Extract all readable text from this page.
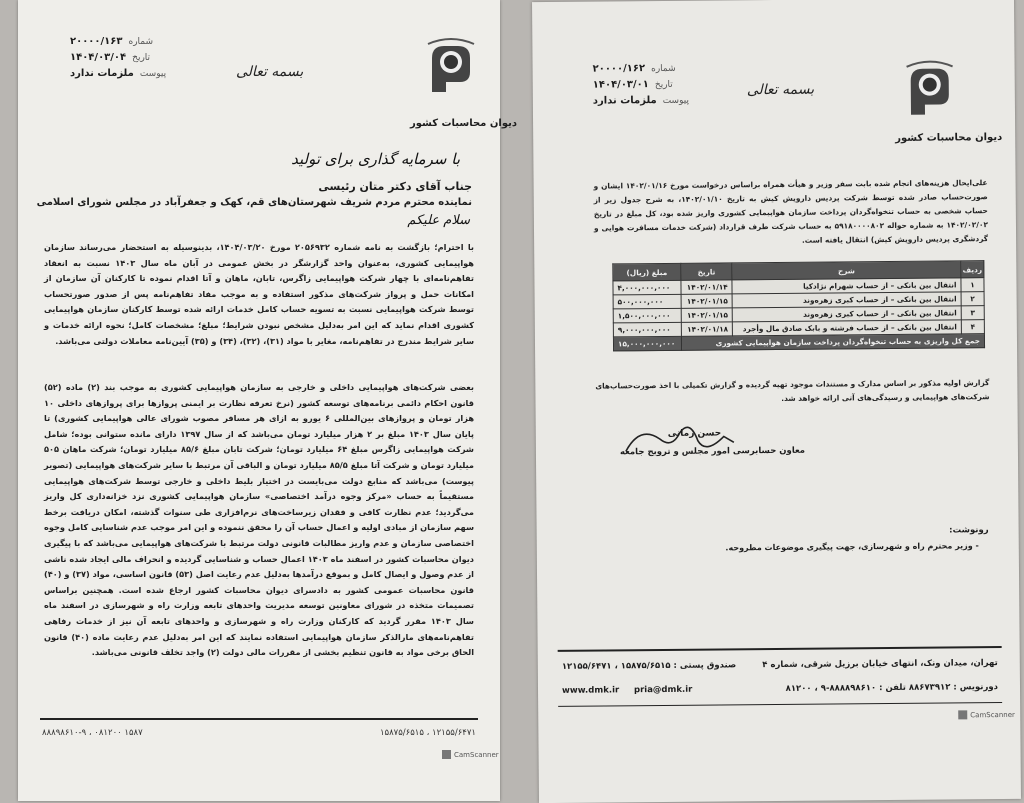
۲۰۰۰۰/۱۶۳ شماره
۱۴۰۴/۰۳/۰۴ تاریخ
ملزمات ندارد پیوست	بسمه تعالی
دیوان محاسبات کشور
با سرمایه گذاری برای تولید
جناب آقای دکتر متان رئیسی
نماینده محترم مردم شریف شهرستان‌های قم، کهک و جعفرآباد در مجلس شورای اسلامی
سلام علیکم
با احترام؛ بازگشت به نامه شماره ۲۰۵۶۹۳۲ مورخ ۱۴۰۴/۰۳/۲۰، بدینوسیله به استحضار می‌رساند سازمان هواپیمایی کشوری، به‌عنوان واحد گزارشگر در بخش عمومی در آبان ماه سال ۱۴۰۳ نسبت به انعقاد تفاهم‌نامه‌ای با چهار شرکت هواپیمایی زاگرس، تابان، ماهان و آتا اقدام نموده تا کارکنان آن سازمان از امکانات حمل و پرواز شرکت‌های مذکور استفاده و به موجب مفاد تفاهم‌نامه پس از صدور صورتحساب توسط شرکت هواپیمایی نسبت به تسویه حساب کامل خدمات ارائه شده توسط کارکنان سازمان هواپیمایی کشوری اقدام نماید که این امر به‌دلیل مشخص نبودن شرایط؛ مبلغ؛ مشخصات کامل؛ نحوه ارائه خدمات و سایر شرایط مندرج در تفاهم‌نامه، مغایر با مواد (۳۱)، (۳۲)، (۳۴) و (۳۵) آیین‌نامه معاملات دولتی می‌باشد.
بعضی شرکت‌های هواپیمایی داخلی و خارجی به سازمان هواپیمایی کشوری به موجب بند (۲) ماده (۵۲) قانون احکام دائمی برنامه‌های توسعه کشور (نرخ تعرفه نظارت بر ایمنی پروازها برای پروازهای داخلی ۱۰ هزار تومان و پروازهای بین‌المللی ۶ یورو به ازای هر مسافر مصوب شورای عالی هواپیمایی کشوری) تا پایان سال ۱۴۰۳ مبلغ بر ۲ هزار میلیارد تومان می‌باشد که از سال ۱۳۹۷ دارای مانده ستوانی بوده؛ شامل شرکت هواپیمایی زاگرس مبلغ ۶۴ میلیارد تومان؛ شرکت تابان مبلغ ۸۵/۶ میلیارد تومان؛ شرکت ماهان ۵۰۵ میلیارد تومان و شرکت آتا مبلغ ۸۵/۵ میلیارد تومان و الباقی آن مرتبط با سایر شرکت‌های هواپیمایی (تصویر پیوست) می‌باشد که منابع دولت می‌بایست در اختیار بلیط داخلی و خارجی توسط شرکت‌های هواپیمایی مستقیماً به حساب «مرکز وجوه درآمد اختصاصی» سازمان هواپیمایی کشوری نزد خزانه‌داری کل واریز می‌گردید؛ عدم نظارت کافی و فقدان زیرساخت‌های نرم‌افزاری طی سنوات گذشته، امکان دریافت برخط سهم سازمان از مبادی اولیه و اعمال حساب آن را محقق ننموده و این امر موجب عدم شناسایی کامل وجوه اختصاصی سازمان و عدم واریز مطالبات قانونی دولت مرتبط با شرکت‌های هواپیمایی می‌باشد که با پیگیری دیوان محاسبات کشور در اسفند ماه ۱۴۰۳ اعمال حساب و شناسایی گردیده و انحراف مالی ایجاد شده ناشی از عدم وصول و ایصال کامل و بموقع درآمدها به‌دلیل عدم رعایت اصل (۵۳) قانون اساسی، مواد (۳۷) و (۴۰) قانون محاسبات عمومی کشور به دادسرای دیوان محاسبات کشور ارجاع شده است. همچنین براساس تصمیمات متخذه در شورای معاونین توسعه مدیریت واحدهای تابعه وزارت راه و شهرسازی در اسفند ماه سال ۱۴۰۳ مقرر گردید که کارکنان وزارت راه و شهرسازی و واحدهای تابعه آن نیز از خدمات رفاهی تفاهم‌نامه‌های مارالذکر سازمان هواپیمایی استفاده نمایند که این امر به‌دلیل عدم رعایت ماده (۴۰) قانون الحاق برخی مواد به قانون تنظیم بخشی از مقررات مالی دولت (۲) واجد تخلف قانونی می‌باشد.
۸۸۸۹۸۶۱۰-۹ ، ۰۸۱۲۰۰ ۱۵۸۷	۱۵۸۷۵/۶۵۱۵ ، ۱۲۱۵۵/۶۴۷۱
CamScanner
۲۰۰۰۰/۱۶۲ شماره
۱۴۰۴/۰۳/۰۱ تاریخ
ملزمات ندارد پیوست
بسمه تعالی
دیوان محاسبات کشور
علی‌ایحال هزینه‌های انجام شده بابت سفر وزیر و هیأت همراه براساس درخواست مورخ ۱۴۰۲/۰۱/۱۶ ایشان و صورت‌حساب صادر شده توسط شرکت پردیس دارویش کیش به تاریخ ۱۴۰۲/۰۱/۱۰، به شرح جدول زیر از حساب شخصی به حساب تنخواه‌گردان پرداخت سازمان هواپیمایی کشوری واریز شده بود، کل مبلغ در تاریخ ۱۴۰۲/۰۲/۰۲ به شماره حواله ۵۹۱۸۰۰۰۰۸۰۲ به حساب شرکت طرف قرارداد (شرکت خدمات مسافرت هوایی و گردشگری پردیس دارویش کیش) انتقال یافته است.
ردیف	شرح	تاریخ	مبلغ (ریال)
۱	انتقال بین بانکی – از حساب شهرام نژادکیا	۱۴۰۲/۰۱/۱۴	۴,۰۰۰,۰۰۰,۰۰۰
۲	انتقال بین بانکی – از حساب کبری زهره‌وند	۱۴۰۲/۰۱/۱۵	۵۰۰,۰۰۰,۰۰۰
۳	انتقال بین بانکی – از حساب کبری زهره‌وند	۱۴۰۲/۰۱/۱۵	۱,۵۰۰,۰۰۰,۰۰۰
۴	انتقال بین بانکی – از حساب فرشته و بابک صادق مال وأجرد	۱۴۰۲/۰۱/۱۸	۹,۰۰۰,۰۰۰,۰۰۰
جمع کل واریزی به حساب تنخواه‌گردان پرداخت سازمان هواپیمایی کشوری			۱۵,۰۰۰,۰۰۰,۰۰۰
گزارش اولیه مذکور بر اساس مدارک و مستندات موجود تهیه گردیده و گزارش تکمیلی با اخذ صورت‌حساب‌های شرکت‌های هواپیمایی و رسیدگی‌های آتی ارائه خواهد شد.
حسن زمانی
معاون حسابرسی امور مجلس و ترویج جامعه
رونوشت:
- وزیر محترم راه و شهرسازی، جهت پیگیری موضوعات مطروحه.
تهران، میدان ونک، انتهای خیابان برزیل شرقی، شماره ۴
صندوق پستی : ۱۵۸۷۵/۶۵۱۵ ، ۱۲۱۵۵/۶۴۷۱
دورنویس : ۸۸۶۷۳۹۱۲ تلفن : ۸۸۸۸۹۸۶۱۰-۹ ، ۸۱۲۰۰
www.dmk.ir pria@dmk.ir
CamScanner
